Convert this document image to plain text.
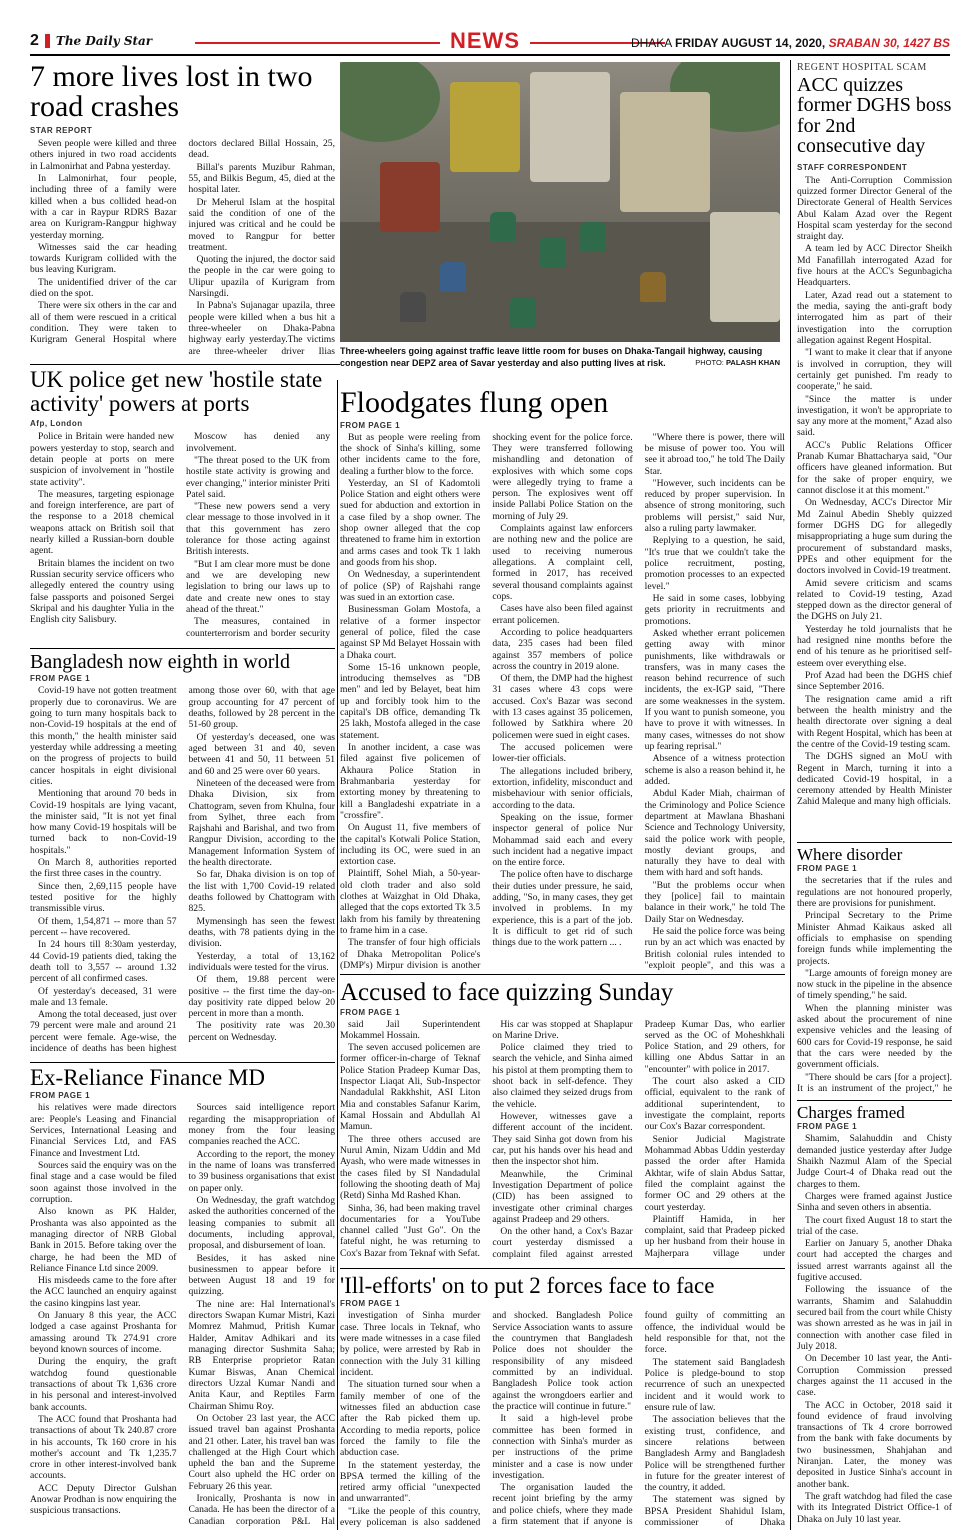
2 The Daily Star	NEWS	DHAKA FRIDAY AUGUST 14, 2020, SRABAN 30, 1427 BS
7 more lives lost in two road crashes
STAR REPORT

Seven people were killed and three others injured in two road accidents in Lalmonirhat and Pabna yesterday.

In Lalmonirhat, four people, including three of a family were killed when a bus collided head-on with a car in Raypur RDRS Bazar area on Kurigram-Rangpur highway yesterday morning.

Witnesses said the car heading towards Kurigram collided with the bus leaving Kurigram.

The unidentified driver of the car died on the spot.

There were six others in the car and all of them were rescued in a critical condition. They were taken to Kurigram General Hospital where doctors declared Billal Hossain, 25, dead.

Billal's parents Muzibur Rahman, 55, and Bilkis Begum, 45, died at the hospital later.

Dr Meherul Islam at the hospital said the condition of one of the injured was critical and he could be moved to Rangpur for better treatment.

Quoting the injured, the doctor said the people in the car were going to Ulipur upazila of Kurigram from Narsingdi.

In Pabna's Sujanagar upazila, three people were killed when a bus hit a three-wheeler on Dhaka-Pabna highway early yesterday.The victims are three-wheeler driver Ilias Three-wheelers going against traffic leave little room for buses on Dhaka-Tangail highway, causing congestion near DEPZ area of Savar yesterday and also putting lives at risk.	PHOTO: PALASH KHAN
UK police get new 'hostile state activity' powers at ports
Afp, London

Police in Britain were handed new powers yesterday to stop, search and detain people at ports on mere suspicion of involvement in "hostile state activity".

The measures, targeting espionage and foreign interference, are part of the response to a 2018 chemical weapons attack on British soil that nearly killed a Russian-born double agent.

Britain blames the incident on two Russian security service officers who allegedly entered the country using false passports and poisoned Sergei Skripal and his daughter Yulia in the English city Salisbury.

Moscow has denied any involvement.

"The threat posed to the UK from hostile state activity is growing and ever changing," interior minister Priti Patel said.

"These new powers send a very clear message to those involved in it that this government has zero tolerance for those acting against British interests.

"But I am clear more must be done and we are developing new legislation to bring our laws up to date and create new ones to stay ahead of the threat."

The measures, contained in counterterrorism and border security

Bangladesh now eighth in world
FROM PAGE 1

Covid-19 have not gotten treatment properly due to coronavirus. We are going to turn many hospitals back to non-Covid-19 hospitals at the end of this month," the health minister said yesterday while addressing a meeting on the progress of projects to build cancer hospitals in eight divisional cities.

Mentioning that around 70 beds in Covid-19 hospitals are lying vacant, the minister said, "It is not yet final how many Covid-19 hospitals will be turned back to non-Covid-19 hospitals."

On March 8, authorities reported the first three cases in the country.

Since then, 2,69,115 people have tested positive for the highly transmissible virus.

Of them, 1,54,871 -- more than 57 percent -- have recovered.

In 24 hours till 8:30am yesterday, 44 Covid-19 patients died, taking the death toll to 3,557 -- around 1.32 percent of all confirmed cases.

Of yesterday's deceased, 31 were male and 13 female.

Among the total deceased, just over 79 percent were male and around 21 percent were female. Age-wise, the incidence of deaths has been highest among those over 60, with that age group accounting for 47 percent of deaths, followed by 28 percent in the 51-60 group.

Of yesterday's deceased, one was aged between 31 and 40, seven between 41 and 50, 11 between 51 and 60 and 25 were over 60 years.

Nineteen of the deceased were from Dhaka Division, six from Chattogram, seven from Khulna, four from Sylhet, three each from Rajshahi and Barishal, and two from Rangpur Division, according to the Management Information System of the health directorate.

So far, Dhaka division is on top of the list with 1,700 Covid-19 related deaths followed by Chattogram with 825.

Mymensingh has seen the fewest deaths, with 78 patients dying in the division.

Yesterday, a total of 13,162 individuals were tested for the virus.

Of them, 19.88 percent were positive -- the first time the day-on-day positivity rate dipped below 20 percent in more than a month.

The positivity rate was 20.30 percent on Wednesday.

Ex-Reliance Finance MD
FROM PAGE 1

his relatives were made directors are: People's Leasing and Financial Services, International Leasing and Financial Services Ltd, and FAS Finance and Investment Ltd.

Sources said the enquiry was on the final stage and a case would be filed soon against those involved in the corruption.

Also known as PK Halder, Proshanta was also appointed as the managing director of NRB Global Bank in 2015. Before taking over the charge, he had been the MD of Reliance Finance Ltd since 2009.

His misdeeds came to the fore after the ACC launched an enquiry against the casino kingpins last year.

On January 8 this year, the ACC lodged a case against Proshanta for amassing around Tk 274.91 crore beyond known sources of income.

During the enquiry, the graft watchdog found questionable transactions of about Tk 1,636 crore in his personal and interest-involved bank accounts.

The ACC found that Proshanta had transactions of about Tk 240.87 crore in his accounts, Tk 160 crore in his mother's account and Tk 1,235.7 crore in other interest-involved bank accounts.

ACC Deputy Director Gulshan Anowar Prodhan is now enquiring the suspicious transactions.

Sources said intelligence report regarding the misappropriation of money from the four leasing companies reached the ACC.

According to the report, the money in the name of loans was transferred to 39 business organisations that exist on paper only.

On Wednesday, the graft watchdog asked the authorities concerned of the leasing companies to submit all documents, including approval, proposal, and disbursement of loan.

Besides, it has asked nine businessmen to appear before it between August 18 and 19 for quizzing.

The nine are: Hal International's directors Swapan Kumar Mistri, Kazi Momrez Mahmud, Pritish Kumar Halder, Amitav Adhikari and its managing director Sushmita Saha; RB Enterprise proprietor Ratan Kumar Biswas, Anan Chemical directors Uzzal Kumar Nandi and Anita Kaur, and Reptiles Farm Chairman Shimu Roy.

On October 23 last year, the ACC issued travel ban against Proshanta and 21 other. Later, his travel ban was challenged at the High Court which upheld the ban and the Supreme Court also upheld the HC order on February 26 this year.

Ironically, Proshanta is now in Canada. He has been the director of a Canadian corporation P&L Hal

Floodgates flung open
FROM PAGE 1

But as people were reeling from the shock of Sinha's killing, some other incidents came to the fore, dealing a further blow to the force.

Yesterday, an SI of Kadomtoli Police Station and eight others were sued for abduction and extortion in a case filed by a shop owner. The shop owner alleged that the cop threatened to frame him in extortion and arms cases and took Tk 1 lakh and goods from his shop.

On Wednesday, a superintendent of police (SP) of Rajshahi range was sued in an extortion case.

Businessman Golam Mostofa, a relative of a former inspector general of police, filed the case against SP Md Belayet Hossain with a Dhaka court.

Some 15-16 unknown people, introducing themselves as "DB men" and led by Belayet, beat him up and forcibly took him to the capital's DB office, demanding Tk 25 lakh, Mostofa alleged in the case statement.

In another incident, a case was filed against five policemen of Akhaura Police Station in Brahmanbaria yesterday for extorting money by threatening to kill a Bangladeshi expatriate in a "crossfire".

On August 11, five members of the capital's Kotwali Police Station, including its OC, were sued in an extortion case.

Plaintiff, Sohel Miah, a 50-year-old cloth trader and also sold clothes at Waizghat in Old Dhaka, alleged that the cops extorted Tk 3.5 lakh from his family by threatening to frame him in a case.

The transfer of four high officials of Dhaka Metropolitan Police's (DMP's) Mirpur division is another shocking event for the police force. They were transferred following mishandling and detonation of explosives with which some cops were allegedly trying to frame a person. The explosives went off inside Pallabi Police Station on the morning of July 29.

Complaints against law enforcers are nothing new and the police are used to receiving numerous allegations. A complaint cell, formed in 2017, has received several thousand complaints against cops.

Cases have also been filed against errant policemen.

According to police headquarters data, 235 cases had been filed against 357 members of police across the country in 2019 alone.

Of them, the DMP had the highest 31 cases where 43 cops were accused. Cox's Bazar was second with 13 cases against 35 policemen, followed by Satkhira where 20 policemen were sued in eight cases.

The accused policemen were lower-tier officials.

The allegations included bribery, extortion, infidelity, misconduct and misbehaviour with senior officials, according to the data.

Speaking on the issue, former inspector general of police Nur Mohammad said each and every such incident had a negative impact on the entire force.

The police often have to discharge their duties under pressure, he said, adding, "So, in many cases, they get involved in problems. In my experience, this is a part of the job. It is difficult to get rid of such things due to the work pattern ... .

"Where there is power, there will be misuse of power too. You will see it abroad too," he told The Daily Star.

"However, such incidents can be reduced by proper supervision. In absence of strong monitoring, such problems will persist," said Nur, also a ruling party lawmaker.

Replying to a question, he said, "It's true that we couldn't take the police recruitment, posting, promotion processes to an expected level."

He said in some cases, lobbying gets priority in recruitments and promotions.

Asked whether errant policemen getting away with minor punishments, like withdrawals or transfers, was in many cases the reason behind recurrence of such incidents, the ex-IGP said, "There are some weaknesses in the system. If you want to punish someone, you have to prove it with witnesses. In many cases, witnesses do not show up fearing reprisal."

Absence of a witness protection scheme is also a reason behind it, he added.

Abdul Kader Miah, chairman of the Criminology and Police Science department at Mawlana Bhashani Science and Technology University, said the police work with people, mostly deviant groups, and naturally they have to deal with them with hard and soft hands.

"But the problems occur when they [police] fail to maintain balance in their work," he told The Daily Star on Wednesday.

He said the police force was being run by an act which was enacted by British colonial rules intended to "exploit people", and this was a

Accused to face quizzing Sunday
FROM PAGE 1

said Jail Superintendent Mokammel Hossain.

The seven accused policemen are former officer-in-charge of Teknaf Police Station Pradeep Kumar Das, Inspector Liaqat Ali, Sub-Inspector Nandadulal Rakkhshit, ASI Liton Mia and constables Safanur Karim, Kamal Hossain and Abdullah Al Mamun.

The three others accused are Nurul Amin, Nizam Uddin and Md Ayash, who were made witnesses in the cases filed by SI Nandadulal following the shooting death of Maj (Retd) Sinha Md Rashed Khan.

Sinha, 36, had been making travel documentaries for a YouTube channel called "Just Go". On the fateful night, he was returning to Cox's Bazar from Teknaf with Sefat.

His car was stopped at Shaplapur on Marine Drive.

Police claimed they tried to search the vehicle, and Sinha aimed his pistol at them prompting them to shoot back in self-defence. They also claimed they seized drugs from the vehicle.

However, witnesses gave a different account of the incident. They said Sinha got down from his car, put his hands over his head and then the inspector shot him.

Meanwhile, the Criminal Investigation Department of police (CID) has been assigned to investigate other criminal charges against Pradeep and 29 others.

On the other hand, a Cox's Bazar court yesterday dismissed a complaint filed against arrested Pradeep Kumar Das, who earlier served as the OC of Moheshkhali Police Station, and 29 others, for killing one Abdus Sattar in an "encounter" with police in 2017.

The court also asked a CID official, equivalent to the rank of additional superintendent, to investigate the complaint, reports our Cox's Bazar correspondent.

Senior Judicial Magistrate Mohammad Abbas Uddin yesterday passed the order after Hamida Akhtar, wife of slain Abdus Sattar, filed the complaint against the former OC and 29 others at the court yesterday.

Plaintiff Hamida, in her complaint, said that Pradeep picked up her husband from their house in Majherpara village under

'Ill-efforts' on to put 2 forces face to face
FROM PAGE 1

investigation of Sinha murder case. Three locals in Teknaf, who were made witnesses in a case filed by police, were arrested by Rab in connection with the July 31 killing incident.

The situation turned sour when a family member of one of the witnesses filed an abduction case after the Rab picked them up. According to media reports, police forced the family to file the abduction case.

In the statement yesterday, the BPSA termed the killing of the retired army official "unexpected and unwarranted".

"Like the people of this country, every policeman is also saddened and shocked. Bangladesh Police Service Association wants to assure the countrymen that Bangladesh Police does not shoulder the responsibility of any misdeed committed by an individual. Bangladesh Police took action against the wrongdoers earlier and the practice will continue in future."

It said a high-level probe committee has been formed in connection with Sinha's murder as per instructions of the prime minister and a case is now under investigation.

The organisation lauded the recent joint briefing by the army and police chiefs, where they made a firm statement that if anyone is found guilty of committing an offence, the individual would be held responsible for that, not the force.

The statement said Bangladesh Police is pledge-bound to stop recurrence of such an unexpected incident and it would work to ensure rule of law.

The association believes that the existing trust, confidence, and sincere relations between Bangladesh Army and Bangladesh Police will be strengthened further in future for the greater interest of the country, it added.

The statement was signed by BPSA President Shahidul Islam, commissioner of Dhaka

REGENT HOSPITAL SCAM
ACC quizzes former DGHS boss for 2nd consecutive day
STAFF CORRESPONDENT

The Anti-Corruption Commission quizzed former Director General of the Directorate General of Health Services Abul Kalam Azad over the Regent Hospital scam yesterday for the second straight day.

A team led by ACC Director Sheikh Md Fanafillah interrogated Azad for five hours at the ACC's Segunbagicha Headquarters.

Later, Azad read out a statement to the media, saying the anti-graft body interrogated him as part of their investigation into the corruption allegation against Regent Hospital.

"I want to make it clear that if anyone is involved in corruption, they will certainly get punished. I'm ready to cooperate," he said.

"Since the matter is under investigation, it won't be appropriate to say any more at the moment," Azad also said.

ACC's Public Relations Officer Pranab Kumar Bhattacharya said, "Our officers have gleaned information. But for the sake of proper enquiry, we cannot disclose it at this moment."

On Wednesday, ACC's Director Mir Md Zainul Abedin Shebly quizzed former DGHS DG for allegedly misappropriating a huge sum during the procurement of substandard masks, PPEs and other equipment for the doctors involved in Covid-19 treatment.

Amid severe criticism and scams related to Covid-19 testing, Azad stepped down as the director general of the DGHS on July 21.

Yesterday he told journalists that he had resigned nine months before the end of his tenure as he prioritised self-esteem over everything else.

Prof Azad had been the DGHS chief since September 2016.

The resignation came amid a rift between the health ministry and the health directorate over signing a deal with Regent Hospital, which has been at the centre of the Covid-19 testing scam.

The DGHS signed an MoU with Regent in March, turning it into a dedicated Covid-19 hospital, in a ceremony attended by Health Minister Zahid Maleque and many high officials.

Where disorder
FROM PAGE 1

the secretaries that if the rules and regulations are not honoured properly, there are provisions for punishment.

Principal Secretary to the Prime Minister Ahmad Kaikaus asked all officials to emphasise on spending foreign funds while implementing the projects.

"Large amounts of foreign money are now stuck in the pipeline in the absence of timely spending," he said.

When the planning minister was asked about the procurement of nine expensive vehicles and the leasing of 600 cars for Covid-19 response, he said that the cars were needed by the government officials.

"There should be cars [for a project]. It is an instrument of the project," he

Charges framed
FROM PAGE 1

Shamim, Salahuddin and Chisty demanded justice yesterday after Judge Shaikh Nazmul Alam of the Special Judge Court-4 of Dhaka read out the charges to them.

Charges were framed against Justice Sinha and seven others in absentia.

The court fixed August 18 to start the trial of the case.

Earlier on January 5, another Dhaka court had accepted the charges and issued arrest warrants against all the fugitive accused.

Following the issuance of the warrants, Shamim and Salahuddin secured bail from the court while Chisty was shown arrested as he was in jail in connection with another case filed in July 2018.

On December 10 last year, the Anti-Corruption Commission pressed charges against the 11 accused in the case.

The ACC in October, 2018 said it found evidence of fraud involving transactions of Tk 4 crore borrowed from the bank with fake documents by two businessmen, Shahjahan and Niranjan. Later, the money was deposited in Justice Sinha's account in another bank.

The graft watchdog had filed the case with its Integrated District Office-1 of Dhaka on July 10 last year.
